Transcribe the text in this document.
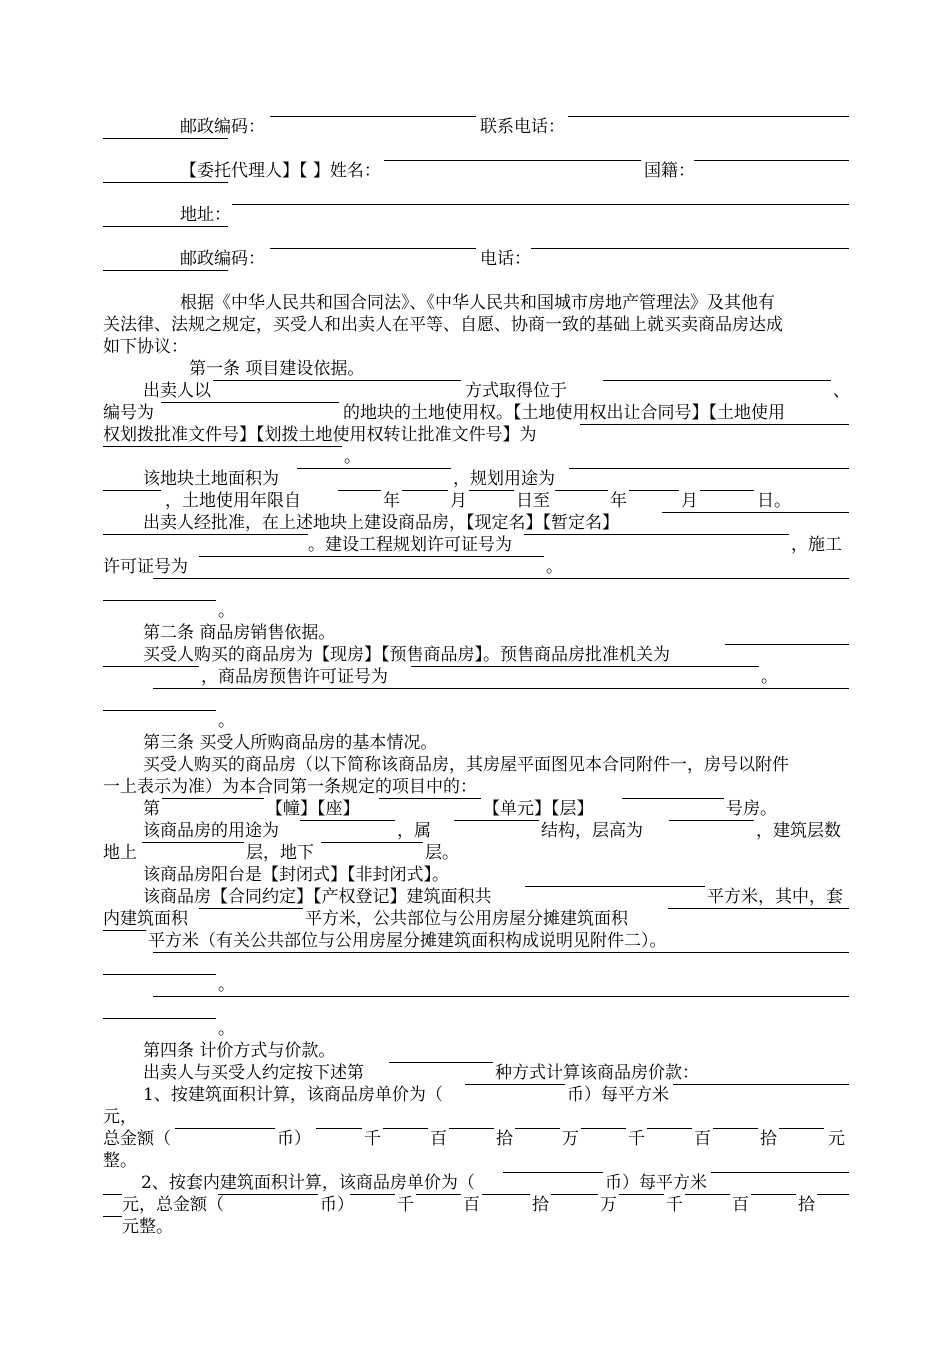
邮政编码：	联系电话：
【委托代理人】【 】姓名：	国籍：
地址：
邮政编码：	电话：
根据《中华人民共和国合同法》、《中华人民共和国城市房地产管理法》及其他有
关法律、法规之规定，买受人和出卖人在平等、自愿、协商一致的基础上就买卖商品房达成
如下协议：
第一条 项目建设依据。
出卖人以	方式取得位于	、
编号为	的地块的土地使用权。【土地使用权出让合同号】【土地使用
权划拨批准文件号】【划拨土地使用权转让批准文件号】为
。
该地块土地面积为	，规划用途为
，土地使用年限自	年	月	日至	年	月	日。
出卖人经批准，在上述地块上建设商品房，【现定名】【暂定名】
。建设工程规划许可证号为	，施工
许可证号为	。
。
第二条 商品房销售依据。
买受人购买的商品房为【现房】【预售商品房】。预售商品房批准机关为
，商品房预售许可证号为	。
。
第三条 买受人所购商品房的基本情况。
买受人购买的商品房（以下简称该商品房，其房屋平面图见本合同附件一，房号以附件
一上表示为准）为本合同第一条规定的项目中的：
第	【幢】【座】	【单元】【层】	号房。
该商品房的用途为	，属	结构，层高为	，建筑层数
地上	层，地下	层。
该商品房阳台是【封闭式】【非封闭式】。
该商品房【合同约定】【产权登记】建筑面积共	平方米，其中，套
内建筑面积	平方米，公共部位与公用房屋分摊建筑面积
平方米（有关公共部位与公用房屋分摊建筑面积构成说明见附件二）。
。
。
第四条 计价方式与价款。
出卖人与买受人约定按下述第	种方式计算该商品房价款：
1、按建筑面积计算，该商品房单价为（	币）每平方米
元，
总金额（	币）	千	百	拾	万	千	百	拾	元
整。
2、按套内建筑面积计算，该商品房单价为（	币）每平方米
元，总金额（	币）	千	百	拾	万	千	百	拾
元整。
